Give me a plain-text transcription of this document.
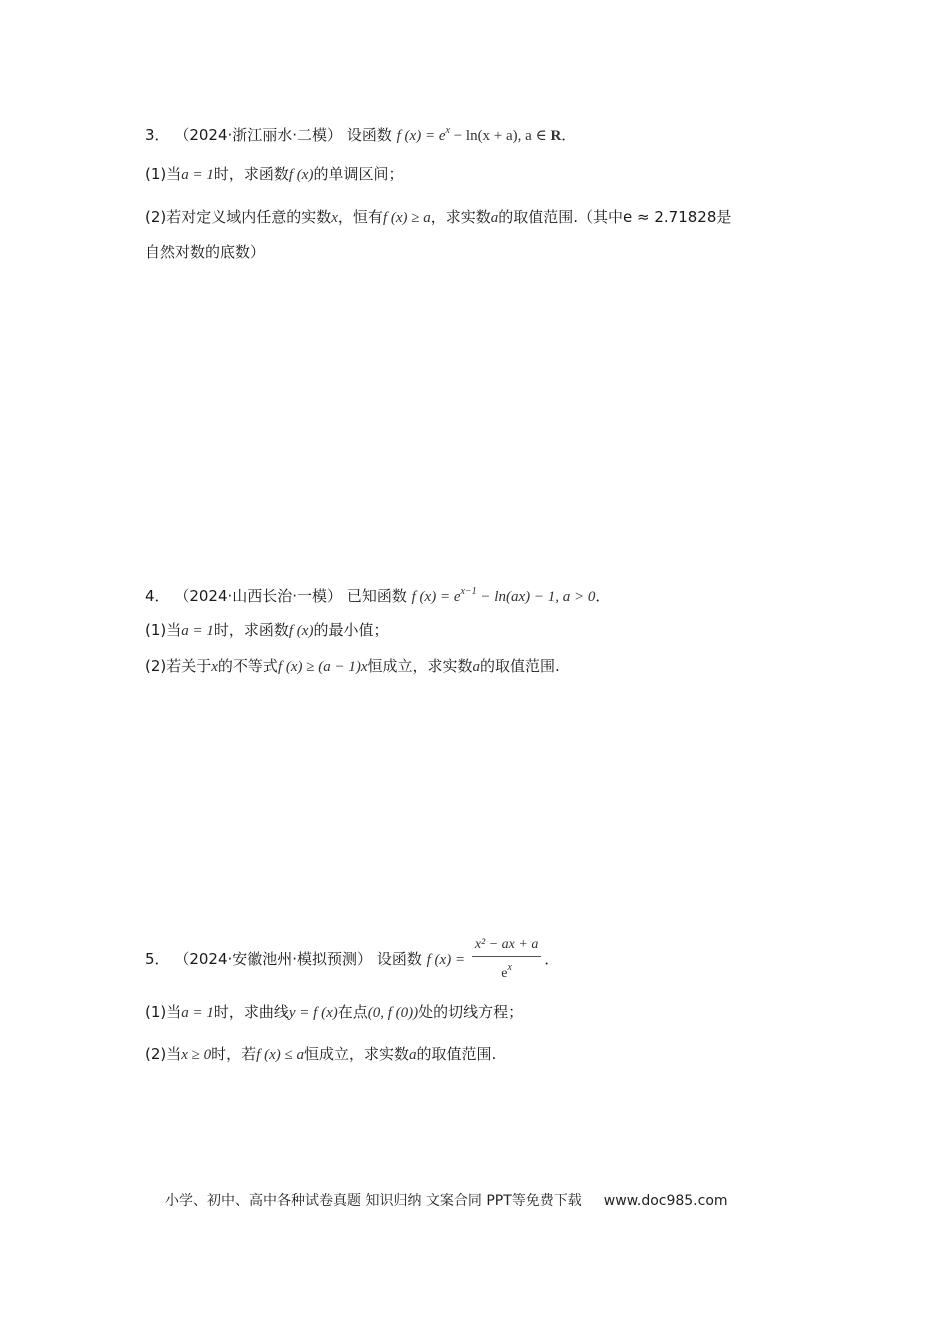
3． （2024·浙江丽水·二模） 设函数 f $(x) = e^x - \ln(x + a)$, a ∈ R．
(1)当a = 1时，求函数f (x)的单调区间；
(2)若对定义域内任意的实数x，恒有f (x) ≥ a，求实数a的取值范围.（其中e ≈ 2.71828是
自然对数的底数）
4． （2024·山西长治·一模） 已知函数 f $(x) = e^{x-1} - \ln(ax) - 1$, a > 0．
(1)当a = 1时，求函数f (x)的最小值；
(2)若关于x的不等式f (x) ≥ (a − 1)x恒成立，求实数a的取值范围.
5． （2024·安徽池州·模拟预测） 设函数 f $(x) = \frac{\text{x² − ax + a}}{e^x}$ ．
(1)当a = 1时，求曲线y = f (x)在点(0, f (0))处的切线方程；
(2)当x ≥ 0时，若f (x) ≤ a恒成立，求实数a的取值范围.
小学、初中、高中各种试卷真题 知识归纳 文案合同 PPT等免费下载 www.doc985.com
